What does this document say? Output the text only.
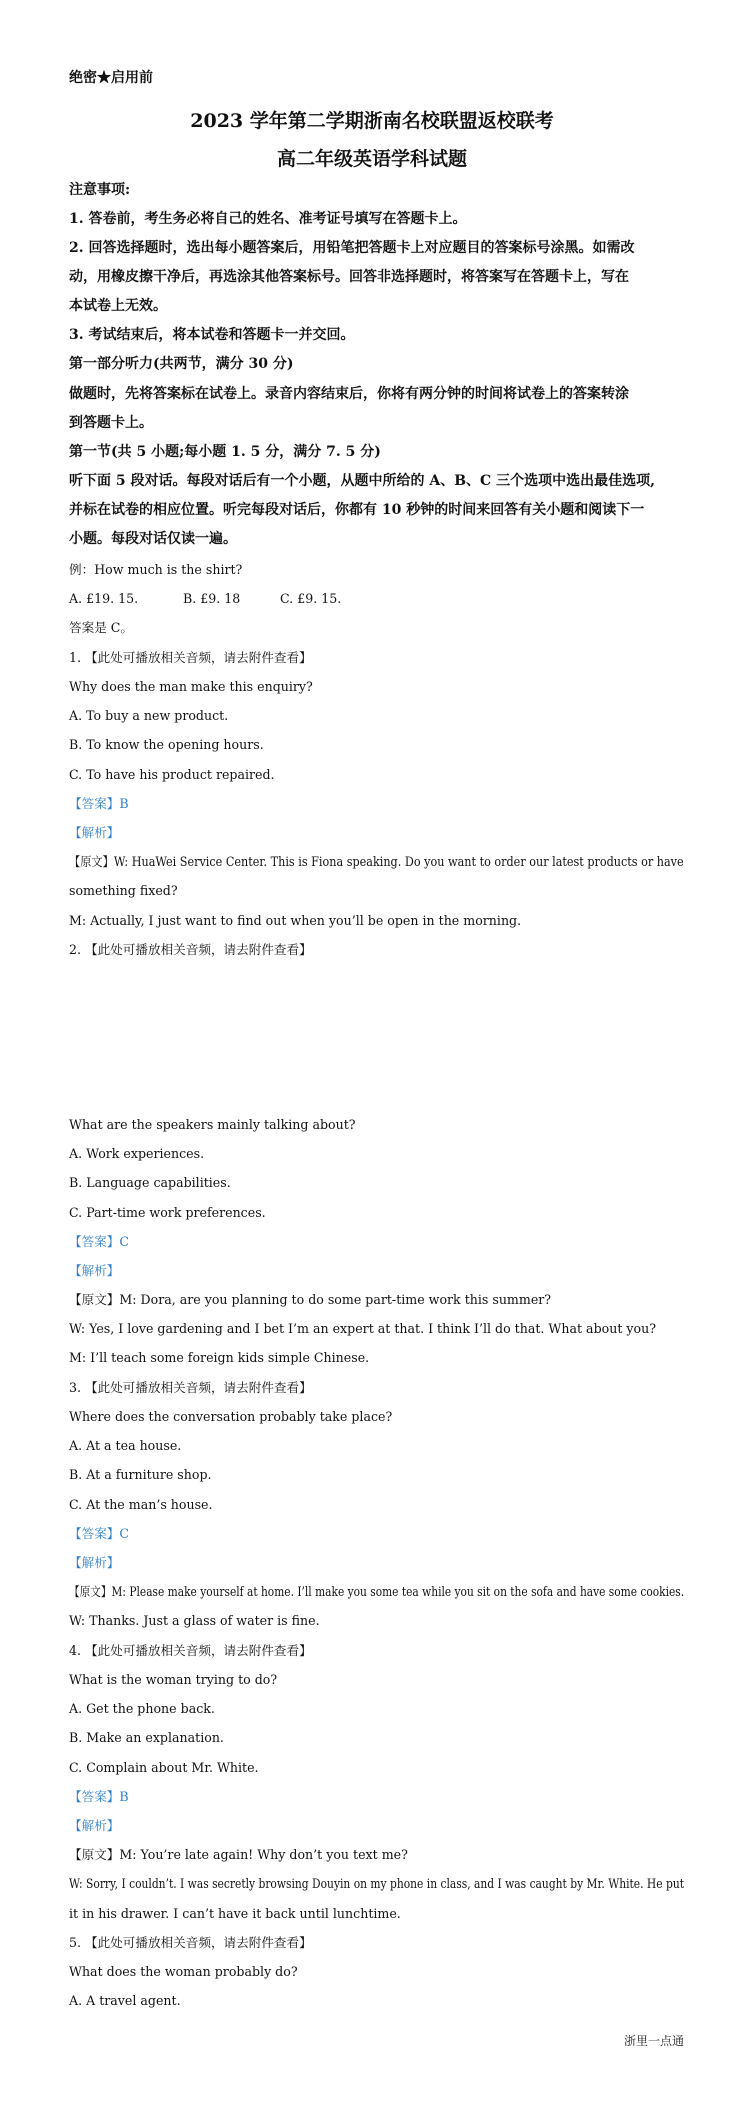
绝密★启用前
2023 学年第二学期浙南名校联盟返校联考
高二年级英语学科试题
注意事项:
1. 答卷前，考生务必将自己的姓名、准考证号填写在答题卡上。
2. 回答选择题时，选出每小题答案后，用铅笔把答题卡上对应题目的答案标号涂黑。如需改
动，用橡皮擦干净后，再选涂其他答案标号。回答非选择题时，将答案写在答题卡上，写在
本试卷上无效。
3. 考试结束后，将本试卷和答题卡一并交回。
第一部分听力(共两节，满分 30 分)
做题时，先将答案标在试卷上。录音内容结束后，你将有两分钟的时间将试卷上的答案转涂
到答题卡上。
第一节(共 5 小题;每小题 1. 5 分，满分 7. 5 分)
听下面 5 段对话。每段对话后有一个小题，从题中所给的 A、B、C 三个选项中选出最佳选项,
并标在试卷的相应位置。听完每段对话后，你都有 10 秒钟的时间来回答有关小题和阅读下一
小题。每段对话仅读一遍。
例：How much is the shirt?
A. £19. 15.	B. £9. 18	C. £9. 15.
答案是 C。
1. 【此处可播放相关音频，请去附件查看】
Why does the man make this enquiry?
A. To buy a new product.
B. To know the opening hours.
C. To have his product repaired.
【答案】B
【解析】
【原文】W: HuaWei Service Center. This is Fiona speaking. Do you want to order our latest products or have
something fixed?
M: Actually, I just want to find out when you’ll be open in the morning.
2. 【此处可播放相关音频，请去附件查看】
What are the speakers mainly talking about?
A. Work experiences.
B. Language capabilities.
C. Part-time work preferences.
【答案】C
【解析】
【原文】M: Dora, are you planning to do some part-time work this summer?
W: Yes, I love gardening and I bet I’m an expert at that. I think I’ll do that. What about you?
M: I’ll teach some foreign kids simple Chinese.
3. 【此处可播放相关音频，请去附件查看】
Where does the conversation probably take place?
A. At a tea house.
B. At a furniture shop.
C. At the man’s house.
【答案】C
【解析】
【原文】M: Please make yourself at home. I’ll make you some tea while you sit on the sofa and have some cookies.
W: Thanks. Just a glass of water is fine.
4. 【此处可播放相关音频，请去附件查看】
What is the woman trying to do?
A. Get the phone back.
B. Make an explanation.
C. Complain about Mr. White.
【答案】B
【解析】
【原文】M: You’re late again! Why don’t you text me?
W: Sorry, I couldn’t. I was secretly browsing Douyin on my phone in class, and I was caught by Mr. White. He put
it in his drawer. I can’t have it back until lunchtime.
5. 【此处可播放相关音频，请去附件查看】
What does the woman probably do?
A. A travel agent.
浙里一点通
